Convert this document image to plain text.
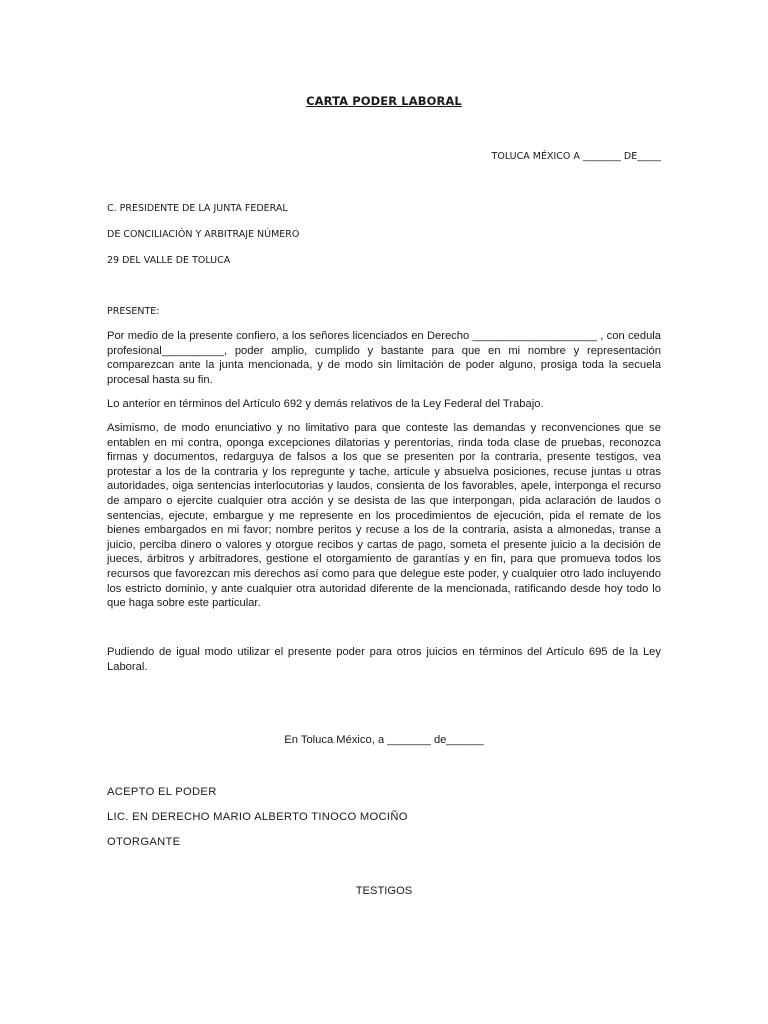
CARTA PODER LABORAL
TOLUCA MÉXICO A ________ DE_____
C. PRESIDENTE DE LA JUNTA FEDERAL
DE CONCILIACIÓN Y ARBITRAJE NÚMERO
29 DEL VALLE DE TOLUCA
PRESENTE:
Por medio de la presente confiero, a los señores licenciados en Derecho ____________________ , con cedula profesional__________, poder amplio, cumplido y bastante para que en mi nombre y representación comparezcan ante la junta mencionada, y de modo sin limitación de poder alguno, prosiga toda la secuela procesal hasta su fin.
Lo anterior en términos del Artículo 692 y demás relativos de la Ley Federal del Trabajo.
Asimismo, de modo enunciativo y no limitativo para que conteste las demandas y reconvenciones que se entablen en mi contra, oponga excepciones dilatorias y perentorias, rinda toda clase de pruebas, reconozca firmas y documentos, redarguya de falsos a los que se presenten por la contraria, presente testigos, vea protestar a los de la contraria y los repregunte y tache, articule y absuelva posiciones, recuse juntas u otras autoridades, oiga sentencias interlocutorias y laudos, consienta de los favorables, apele, interponga el recurso de amparo o ejercite cualquier otra acción y se desista de las que interpongan, pida aclaración de laudos o sentencias, ejecute, embargue y me represente en los procedimientos de ejecución, pida el remate de los bienes embargados en mi favor; nombre peritos y recuse a los de la contraria, asista a almonedas, transe a juicio, perciba dinero o valores y otorgue recibos y cartas de pago, someta el presente juicio a la decisión de jueces, árbitros y arbitradores, gestione el otorgamiento de garantías y en fin, para que promueva todos los recursos que favorezcan mis derechos así como para que delegue este poder, y cualquier otro lado incluyendo los estricto dominio, y ante cualquier otra autoridad diferente de la mencionada, ratificando desde hoy todo lo que haga sobre este particular.
Pudiendo de igual modo utilizar el presente poder para otros juicios en términos del Artículo 695 de la Ley Laboral.
En Toluca México, a _______ de______
ACEPTO EL PODER
LIC. EN DERECHO MARIO ALBERTO TINOCO MOCIÑO
OTORGANTE
TESTIGOS
